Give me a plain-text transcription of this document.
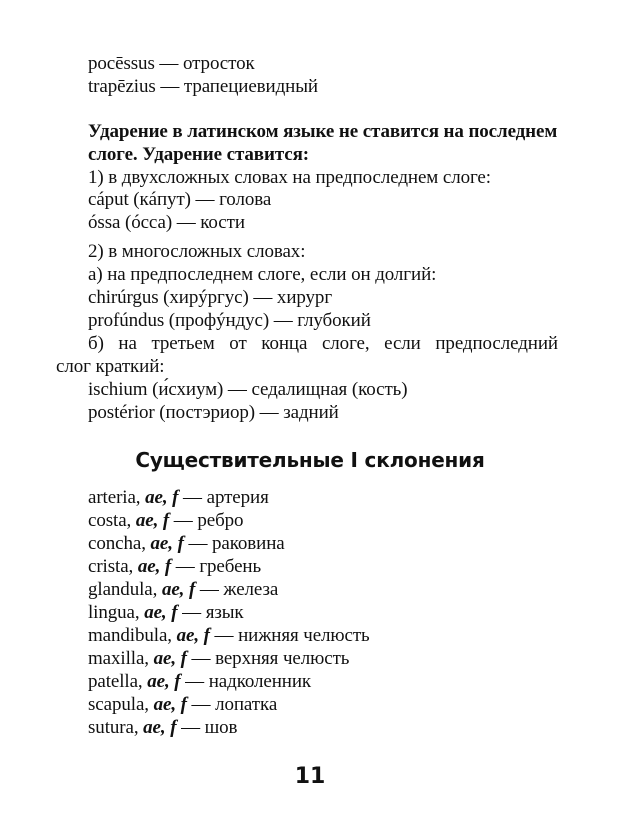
pocēssus — отросток
trapēzius — трапециевидный
Ударение в латинском языке не ставится на последнем
слоге. Ударение ставится:
1) в двухсложных словах на предпоследнем слоге:
cáput (кáпут) — голова
óssa (óсса) — кости
2) в многосложных словах:
а) на предпоследнем слоге, если он долгий:
chirúrgus (хирýргус) — хирург
profúndus (профýндус) — глубокий
б) на третьем от конца слоге, если предпоследний
слог краткий:
ischium (и́схиум) — седалищная (кость)
postérior (постэриор) — задний
Существительные I склонения
arteria, ae, f — артерия
costa, ae, f — ребро
concha, ae, f — раковина
crista, ae, f — гребень
glandula, ae, f — железа
lingua, ae, f — язык
mandibula, ae, f — нижняя челюсть
maxilla, ae, f — верхняя челюсть
patella, ae, f — надколенник
scapula, ae, f — лопатка
sutura, ae, f — шов
11
